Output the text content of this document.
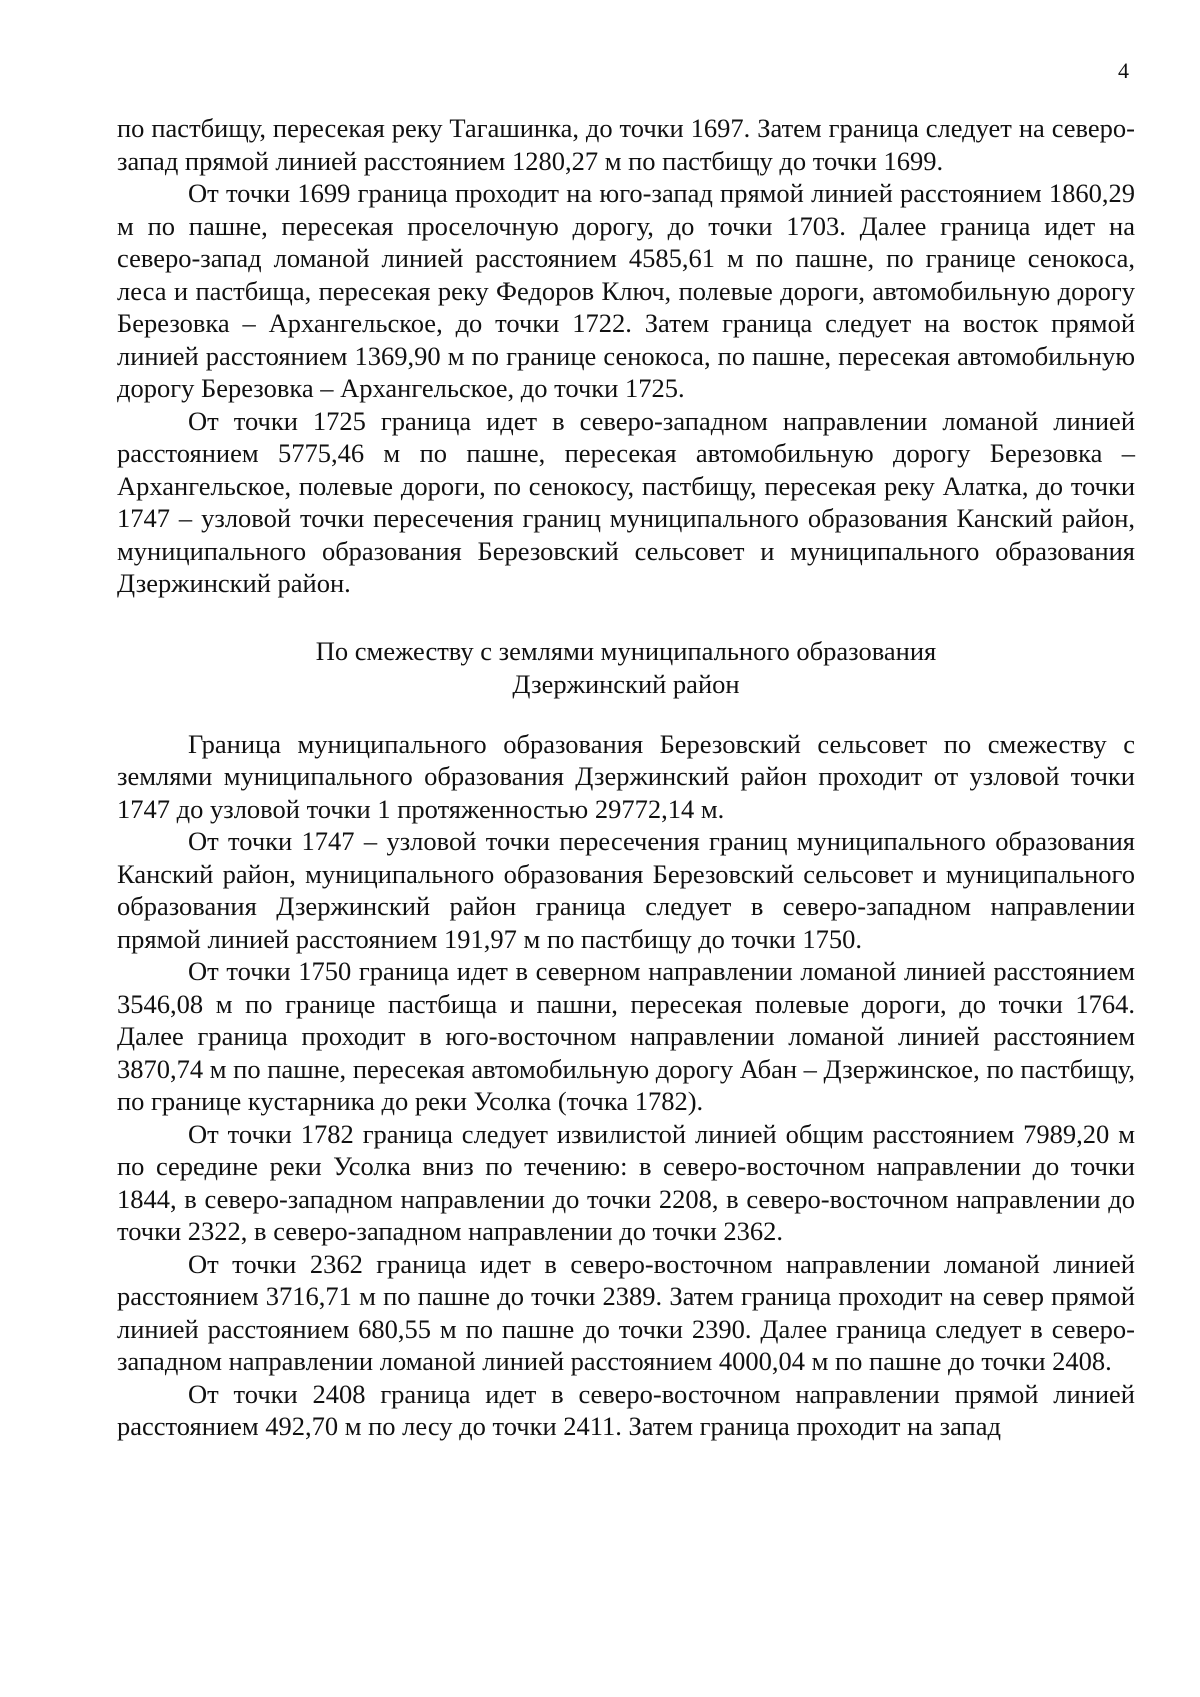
4

по пастбищу, пересекая реку Тагашинка, до точки 1697. Затем граница следует на северо-запад прямой линией расстоянием 1280,27 м по пастбищу до точки 1699.

От точки 1699 граница проходит на юго-запад прямой линией расстоянием 1860,29 м по пашне, пересекая проселочную дорогу, до точки 1703. Далее граница идет на северо-запад ломаной линией расстоянием 4585,61 м по пашне, по границе сенокоса, леса и пастбища, пересекая реку Федоров Ключ, полевые дороги, автомобильную дорогу Березовка – Архангельское, до точки 1722. Затем граница следует на восток прямой линией расстоянием 1369,90 м по границе сенокоса, по пашне, пересекая автомобильную дорогу Березовка – Архангельское, до точки 1725.

От точки 1725 граница идет в северо-западном направлении ломаной линией расстоянием 5775,46 м по пашне, пересекая автомобильную дорогу Березовка – Архангельское, полевые дороги, по сенокосу, пастбищу, пересекая реку Алатка, до точки 1747 – узловой точки пересечения границ муниципального образования Канский район, муниципального образования Березовский сельсовет и муниципального образования Дзержинский район.

По смежеству с землями муниципального образования
Дзержинский район

Граница муниципального образования Березовский сельсовет по смежеству с землями муниципального образования Дзержинский район проходит от узловой точки 1747 до узловой точки 1 протяженностью 29772,14 м.

От точки 1747 – узловой точки пересечения границ муниципального образования Канский район, муниципального образования Березовский сельсовет и муниципального образования Дзержинский район граница следует в северо-западном направлении прямой линией расстоянием 191,97 м по пастбищу до точки 1750.

От точки 1750 граница идет в северном направлении ломаной линией расстоянием 3546,08 м по границе пастбища и пашни, пересекая полевые дороги, до точки 1764. Далее граница проходит в юго-восточном направлении ломаной линией расстоянием 3870,74 м по пашне, пересекая автомобильную дорогу Абан – Дзержинское, по пастбищу, по границе кустарника до реки Усолка (точка 1782).

От точки 1782 граница следует извилистой линией общим расстоянием 7989,20 м по середине реки Усолка вниз по течению: в северо-восточном направлении до точки 1844, в северо-западном направлении до точки 2208, в северо-восточном направлении до точки 2322, в северо-западном направлении до точки 2362.

От точки 2362 граница идет в северо-восточном направлении ломаной линией расстоянием 3716,71 м по пашне до точки 2389. Затем граница проходит на север прямой линией расстоянием 680,55 м по пашне до точки 2390. Далее граница следует в северо-западном направлении ломаной линией расстоянием 4000,04 м по пашне до точки 2408.

От точки 2408 граница идет в северо-восточном направлении прямой линией расстоянием 492,70 м по лесу до точки 2411. Затем граница проходит на запад
